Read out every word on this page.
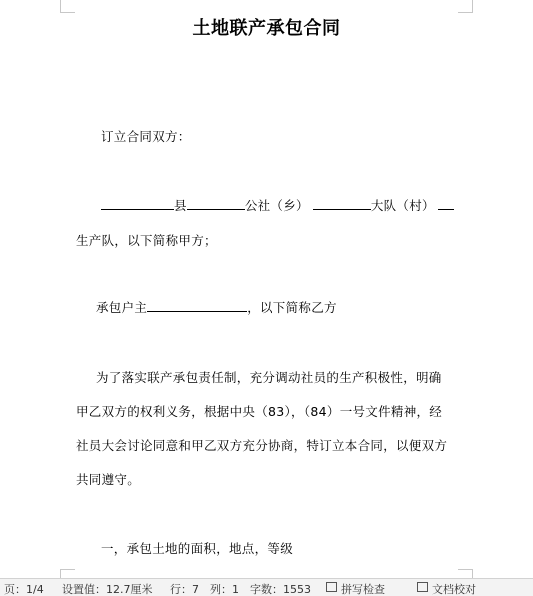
土地联产承包合同
订立合同双方：
县	公社（乡）	大队（村）
生产队，以下简称甲方；
承包户主	，以下简称乙方
为了落实联产承包责任制，充分调动社员的生产积极性，明确
甲乙双方的权利义务，根据中央（83），（84）一号文件精神，经
社员大会讨论同意和甲乙双方充分协商，特订立本合同，以便双方
共同遵守。
一，承包土地的面积，地点，等级
页：1/4 设置值：12.7厘米 行：7 列：1 字数：1553	拼写检查	文档校对
